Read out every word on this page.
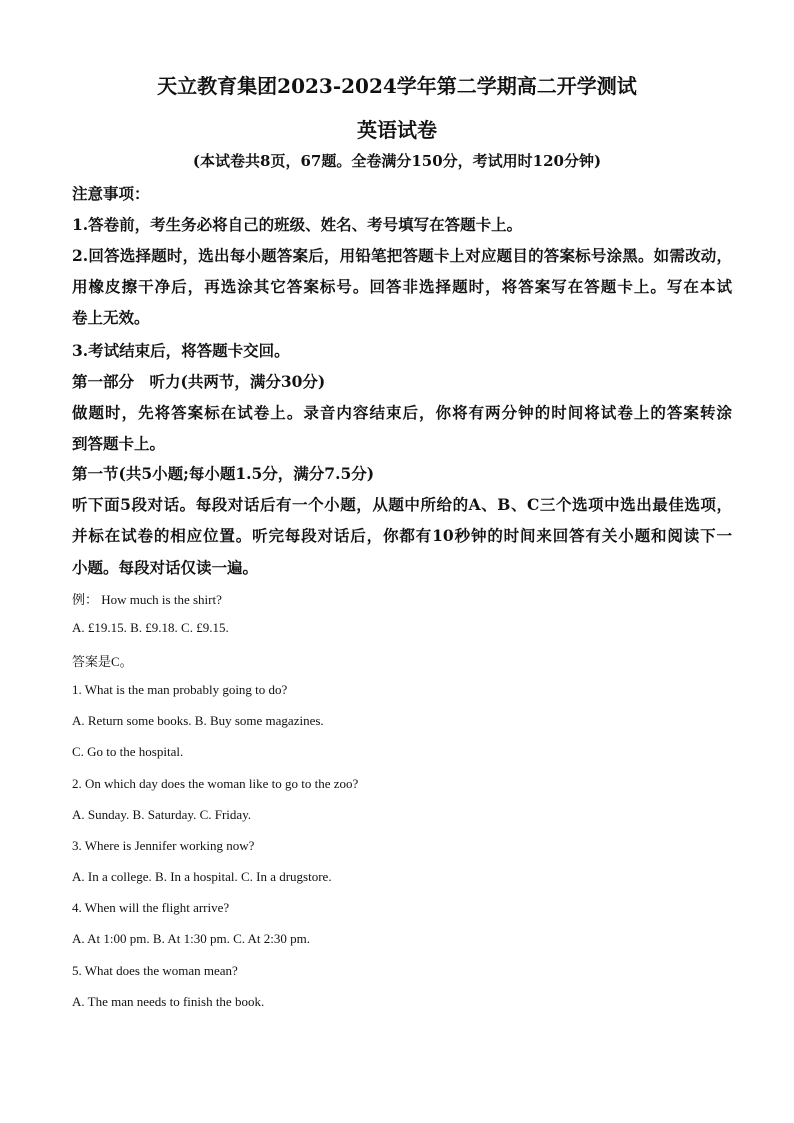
天立教育集团2023-2024学年第二学期高二开学测试
英语试卷
(本试卷共8页，67题。全卷满分150分，考试用时120分钟)
注意事项：
1.答卷前，考生务必将自己的班级、姓名、考号填写在答题卡上。
2.回答选择题时，选出每小题答案后，用铅笔把答题卡上对应题目的答案标号涂黑。如需改动，
用橡皮擦干净后，再选涂其它答案标号。回答非选择题时，将答案写在答题卡上。写在本试
卷上无效。
3.考试结束后，将答题卡交回。
第一部分　听力(共两节，满分30分)
做题时，先将答案标在试卷上。录音内容结束后，你将有两分钟的时间将试卷上的答案转涂
到答题卡上。
第一节(共5小题;每小题1.5分，满分7.5分)
听下面5段对话。每段对话后有一个小题，从题中所给的A、B、C三个选项中选出最佳选项，
并标在试卷的相应位置。听完每段对话后，你都有10秒钟的时间来回答有关小题和阅读下一
小题。每段对话仅读一遍。
例： How much is the shirt?
A. £19.15. B. £9.18. C. £9.15.
答案是C。
1. What is the man probably going to do?
A. Return some books. B. Buy some magazines.
C. Go to the hospital.
2. On which day does the woman like to go to the zoo?
A. Sunday. B. Saturday. C. Friday.
3. Where is Jennifer working now?
A. In a college. B. In a hospital. C. In a drugstore.
4. When will the flight arrive?
A. At 1:00 pm. B. At 1:30 pm. C. At 2:30 pm.
5. What does the woman mean?
A. The man needs to finish the book.
